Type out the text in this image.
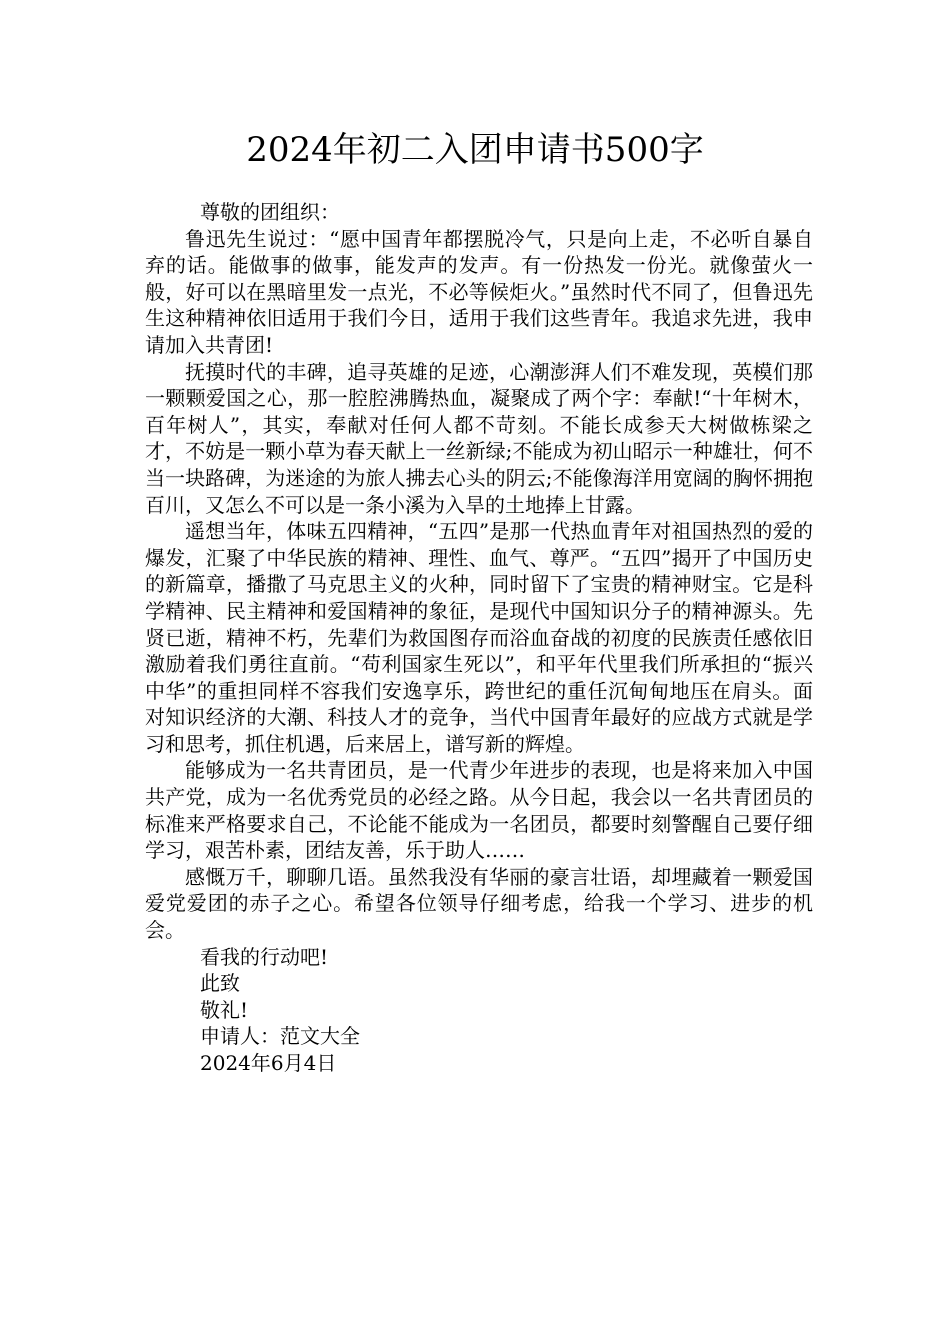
2024年初二入团申请书500字

尊敬的团组织：

鲁迅先生说过：“愿中国青年都摆脱冷气，只是向上走，不必听自暴自弃的话。能做事的做事，能发声的发声。有一份热发一份光。就像萤火一般，好可以在黑暗里发一点光，不必等候炬火。”虽然时代不同了，但鲁迅先生这种精神依旧适用于我们今日，适用于我们这些青年。我追求先进，我申请加入共青团!

抚摸时代的丰碑，追寻英雄的足迹，心潮澎湃人们不难发现，英模们那一颗颗爱国之心，那一腔腔沸腾热血，凝聚成了两个字：奉献!“十年树木，百年树人”，其实，奉献对任何人都不苛刻。不能长成参天大树做栋梁之才，不妨是一颗小草为春天献上一丝新绿;不能成为初山昭示一种雄壮，何不当一块路碑，为迷途的为旅人拂去心头的阴云;不能像海洋用宽阔的胸怀拥抱百川，又怎么不可以是一条小溪为入旱的土地捧上甘露。

遥想当年，体味五四精神，“五四”是那一代热血青年对祖国热烈的爱的爆发，汇聚了中华民族的精神、理性、血气、尊严。“五四”揭开了中国历史的新篇章，播撒了马克思主义的火种，同时留下了宝贵的精神财宝。它是科学精神、民主精神和爱国精神的象征，是现代中国知识分子的精神源头。先贤已逝，精神不朽，先辈们为救国图存而浴血奋战的初度的民族责任感依旧激励着我们勇往直前。“苟利国家生死以”，和平年代里我们所承担的“振兴中华”的重担同样不容我们安逸享乐，跨世纪的重任沉甸甸地压在肩头。面对知识经济的大潮、科技人才的竞争，当代中国青年最好的应战方式就是学习和思考，抓住机遇，后来居上，谱写新的辉煌。

能够成为一名共青团员，是一代青少年进步的表现，也是将来加入中国共产党，成为一名优秀党员的必经之路。从今日起，我会以一名共青团员的标准来严格要求自己，不论能不能成为一名团员，都要时刻警醒自己要仔细学习，艰苦朴素，团结友善，乐于助人……

感慨万千，聊聊几语。虽然我没有华丽的豪言壮语，却埋藏着一颗爱国爱党爱团的赤子之心。希望各位领导仔细考虑，给我一个学习、进步的机会。

看我的行动吧!

此致

敬礼!

申请人：范文大全

2024年6月4日
